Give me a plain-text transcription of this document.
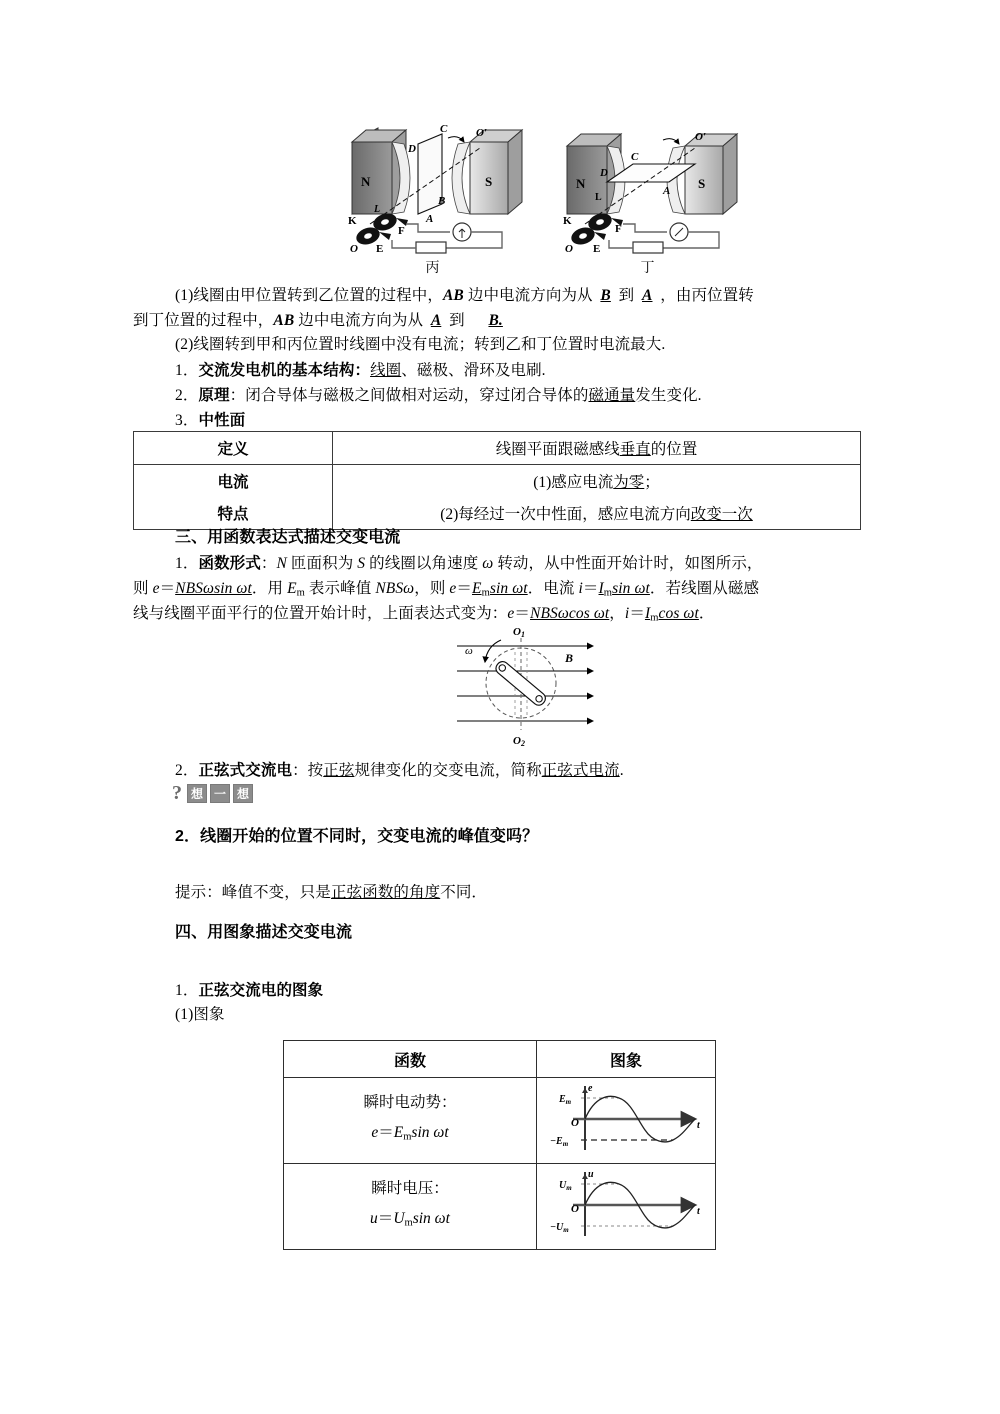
N	S
C
D
B
A
O′
L
K
O
F
E
丙
N	S
C
D
A
O′
L
K
O
F
E
丁
(1)线圈由甲位置转到乙位置的过程中，AB 边中电流方向为从 B 到 A ，由丙位置转
到丁位置的过程中，AB 边中电流方向为从 A 到 B.
(2)线圈转到甲和丙位置时线圈中没有电流；转到乙和丁位置时电流最大.
1．交流发电机的基本结构：线圈、磁极、滑环及电刷.
2．原理：闭合导体与磁极之间做相对运动，穿过闭合导体的磁通量发生变化.
3．中性面
定义	线圈平面跟磁感线垂直的位置
电流	(1)感应电流为零；
特点	(2)每经过一次中性面，感应电流方向改变一次
三、用函数表达式描述交变电流
1．函数形式：N 匝面积为 S 的线圈以角速度 ω 转动，从中性面开始计时，如图所示，
则 e＝NBSωsin ωt．用 $E_m$ 表示峰值 NBSω，则 $e=E_m\sin$ ωt．电流 $i=I_m\sin$ ωt．若线圈从磁感
线与线圈平面平行的位置开始计时，上面表达式变为：e＝NBSωcos ωt，$i=I_m\cos$ ωt．
ω	B
O1
O2
2．正弦式交流电：按正弦规律变化的交变电流，简称正弦式电流.
? 想 一 想
2．线圈开始的位置不同时，交变电流的峰值变吗？
提示：峰值不变，只是正弦函数的角度不同．
四、用图象描述交变电流
1．正弦交流电的图象
(1)图象
函数	图象

瞬时电动势：
$e=E_m\sin$ ωt

e
t
O
$E_m$
$-E_m$

瞬时电压：
$u=U_m\sin$ ωt

u
t
O
$U_m$
$-U_m$
